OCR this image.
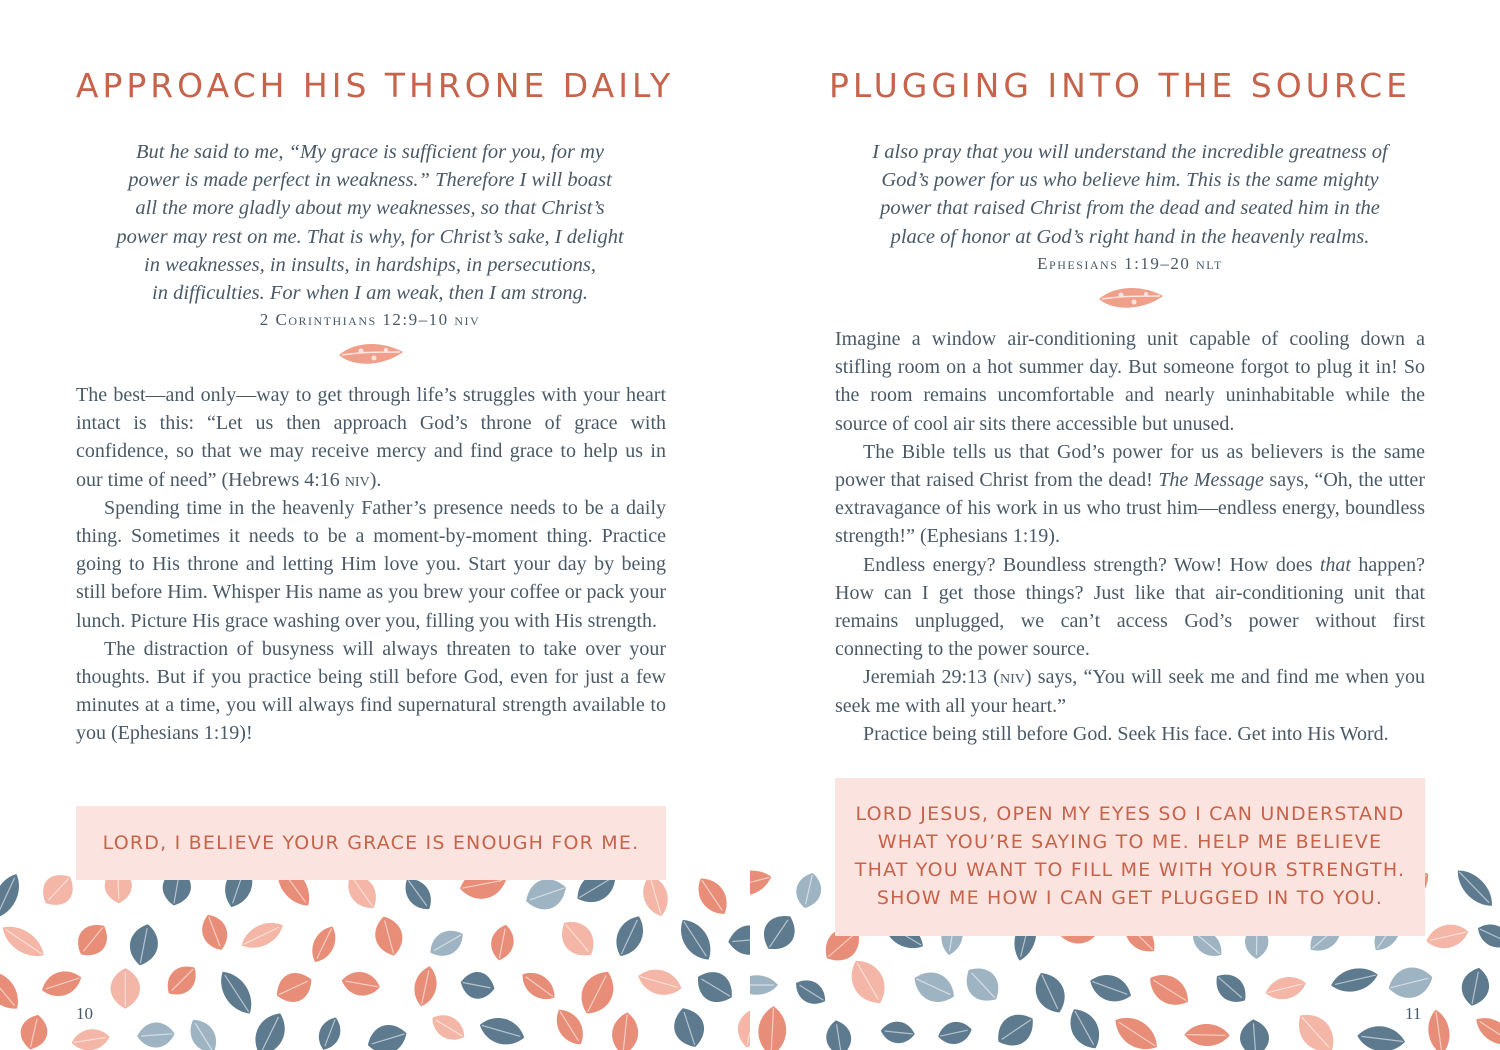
APPROACH HIS THRONE DAILY
But he said to me, “My grace is sufficient for you, for my
power is made perfect in weakness.” Therefore I will boast
all the more gladly about my weaknesses, so that Christ’s
power may rest on me. That is why, for Christ’s sake, I delight
in weaknesses, in insults, in hardships, in persecutions,
in difficulties. For when I am weak, then I am strong.
2 Corinthians 12:9–10 niv

The best—and only—way to get through life’s struggles with your heart intact is this: “Let us then approach God’s throne of grace with confidence, so that we may receive mercy and find grace to help us in our time of need” (Hebrews 4:16 niv).

Spending time in the heavenly Father’s presence needs to be a daily thing. Sometimes it needs to be a moment-by-moment thing. Practice going to His throne and letting Him love you. Start your day by being still before Him. Whisper His name as you brew your coffee or pack your lunch. Picture His grace washing over you, filling you with His strength.

The distraction of busyness will always threaten to take over your thoughts. But if you practice being still before God, even for just a few minutes at a time, you will always find supernatural strength available to you (Ephesians 1:19)!

LORD, I BELIEVE YOUR GRACE IS ENOUGH FOR ME.
10
PLUGGING INTO THE SOURCE
I also pray that you will understand the incredible greatness of
God’s power for us who believe him. This is the same mighty
power that raised Christ from the dead and seated him in the
place of honor at God’s right hand in the heavenly realms.
Ephesians 1:19–20 nlt

Imagine a window air-conditioning unit capable of cooling down a stifling room on a hot summer day. But someone forgot to plug it in! So the room remains uncomfortable and nearly uninhabitable while the source of cool air sits there accessible but unused.

The Bible tells us that God’s power for us as believers is the same power that raised Christ from the dead! The Message says, “Oh, the utter extravagance of his work in us who trust him—endless energy, boundless strength!” (Ephesians 1:19).

Endless energy? Boundless strength? Wow! How does that happen? How can I get those things? Just like that air-conditioning unit that remains unplugged, we can’t access God’s power without first connecting to the power source.

Jeremiah 29:13 (niv) says, “You will seek me and find me when you seek me with all your heart.”

Practice being still before God. Seek His face. Get into His Word.

LORD JESUS, OPEN MY EYES SO I CAN UNDERSTAND
WHAT YOU’RE SAYING TO ME. HELP ME BELIEVE
THAT YOU WANT TO FILL ME WITH YOUR STRENGTH.
SHOW ME HOW I CAN GET PLUGGED IN TO YOU.
11
